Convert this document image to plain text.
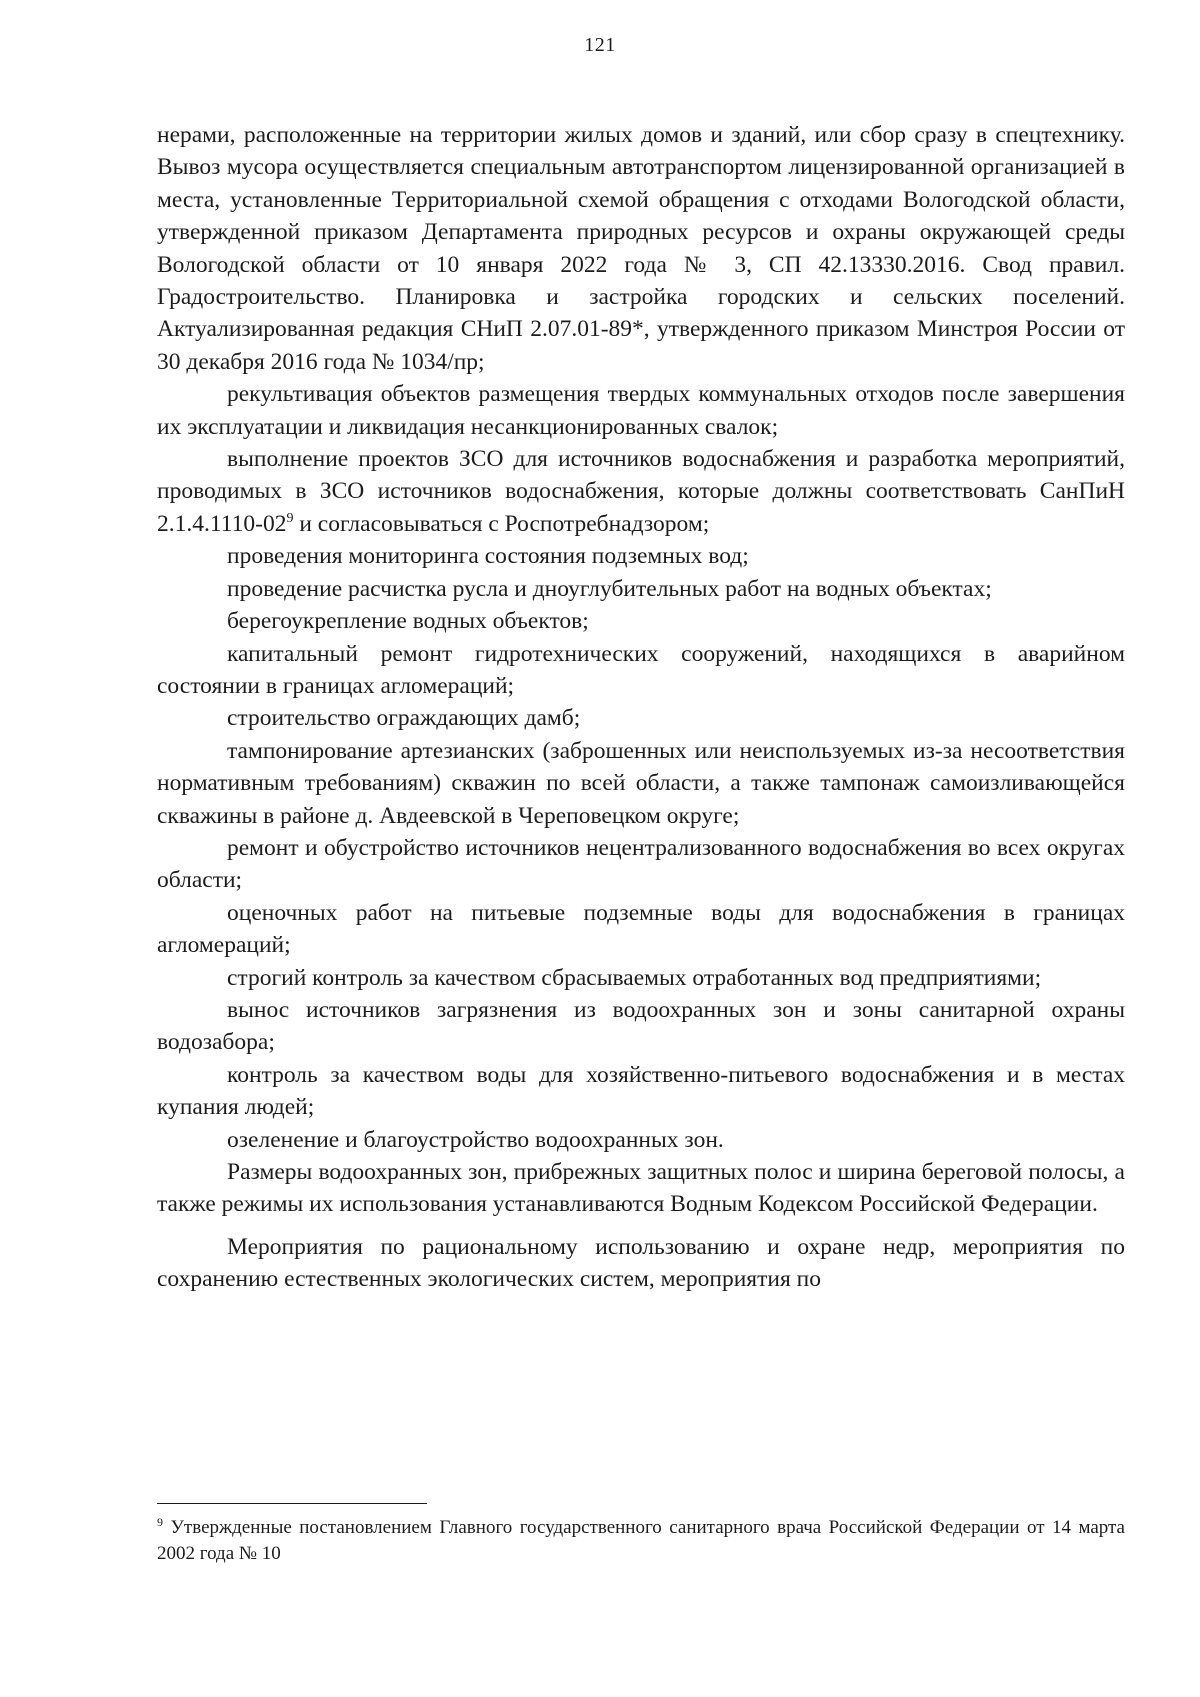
121

нерами, расположенные на территории жилых домов и зданий, или сбор сразу в спецтехнику. Вывоз мусора осуществляется специальным автотранспортом лицензированной организацией в места, установленные Территориальной схемой обращения с отходами Вологодской области, утвержденной приказом Департамента природных ресурсов и охраны окружающей среды Вологодской области от 10 января 2022 года № 3, СП 42.13330.2016. Свод правил. Градостроительство. Планировка и застройка городских и сельских поселений. Актуализированная редакция СНиП 2.07.01-89*, утвержденного приказом Минстроя России от 30 декабря 2016 года № 1034/пр;

рекультивация объектов размещения твердых коммунальных отходов после завершения их эксплуатации и ликвидация несанкционированных свалок;

выполнение проектов ЗСО для источников водоснабжения и разработка мероприятий, проводимых в ЗСО источников водоснабжения, которые должны соответствовать СанПиН 2.1.4.1110-02$^9$ и согласовываться с Роспотребнадзором;

проведения мониторинга состояния подземных вод;

проведение расчистка русла и дноуглубительных работ на водных объектах;

берегоукрепление водных объектов;

капитальный ремонт гидротехнических сооружений, находящихся в аварийном состоянии в границах агломераций;

строительство ограждающих дамб;

тампонирование артезианских (заброшенных или неиспользуемых из-за несоответствия нормативным требованиям) скважин по всей области, а также тампонаж самоизливающейся скважины в районе д. Авдеевской в Череповецком округе;

ремонт и обустройство источников нецентрализованного водоснабжения во всех округах области;

оценочных работ на питьевые подземные воды для водоснабжения в границах агломераций;

строгий контроль за качеством сбрасываемых отработанных вод предприятиями;

вынос источников загрязнения из водоохранных зон и зоны санитарной охраны водозабора;

контроль за качеством воды для хозяйственно-питьевого водоснабжения и в местах купания людей;

озеленение и благоустройство водоохранных зон.

Размеры водоохранных зон, прибрежных защитных полос и ширина береговой полосы, а также режимы их использования устанавливаются Водным Кодексом Российской Федерации.

Мероприятия по рациональному использованию и охране недр, мероприятия по сохранению естественных экологических систем, мероприятия по

$^9$ Утвержденные постановлением Главного государственного санитарного врача Российской Федерации от 14 марта 2002 года № 10
